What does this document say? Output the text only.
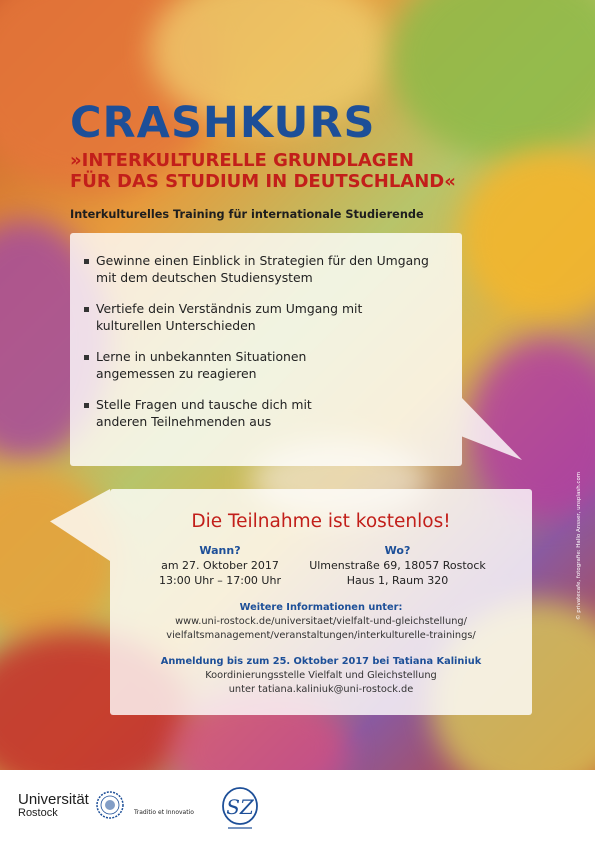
CRASHKURS
»INTERKULTURELLE GRUNDLAGEN
FÜR DAS STUDIUM IN DEUTSCHLAND«

Interkulturelles Training für internationale Studierende

Gewinne einen Einblick in Strategien für den Umgang
mit dem deutschen Studiensystem
Vertiefe dein Verständnis zum Umgang mit
kulturellen Unterschieden
Lerne in unbekannten Situationen
angemessen zu reagieren
Stelle Fragen und tausche dich mit
anderen Teilnehmenden aus

Die Teilnahme ist kostenlos!

Wann?
am 27. Oktober 2017
13:00 Uhr – 17:00 Uhr
Wo?
Ulmenstraße 69, 18057 Rostock
Haus 1, Raum 320
Weitere Informationen unter:
www.uni-rostock.de/universitaet/vielfalt-und-gleichstellung/
vielfaltsmanagement/veranstaltungen/interkulturelle-trainings/
Anmeldung bis zum 25. Oktober 2017 bei Tatiana Kaliniuk
Koordinierungsstelle Vielfalt und Gleichstellung
unter tatiana.kaliniuk@uni-rostock.de
© privatecafe, fotografie: Hallo Ansser, unsplash.com
Universität
Rostock	Traditio et Innovatio SZ
